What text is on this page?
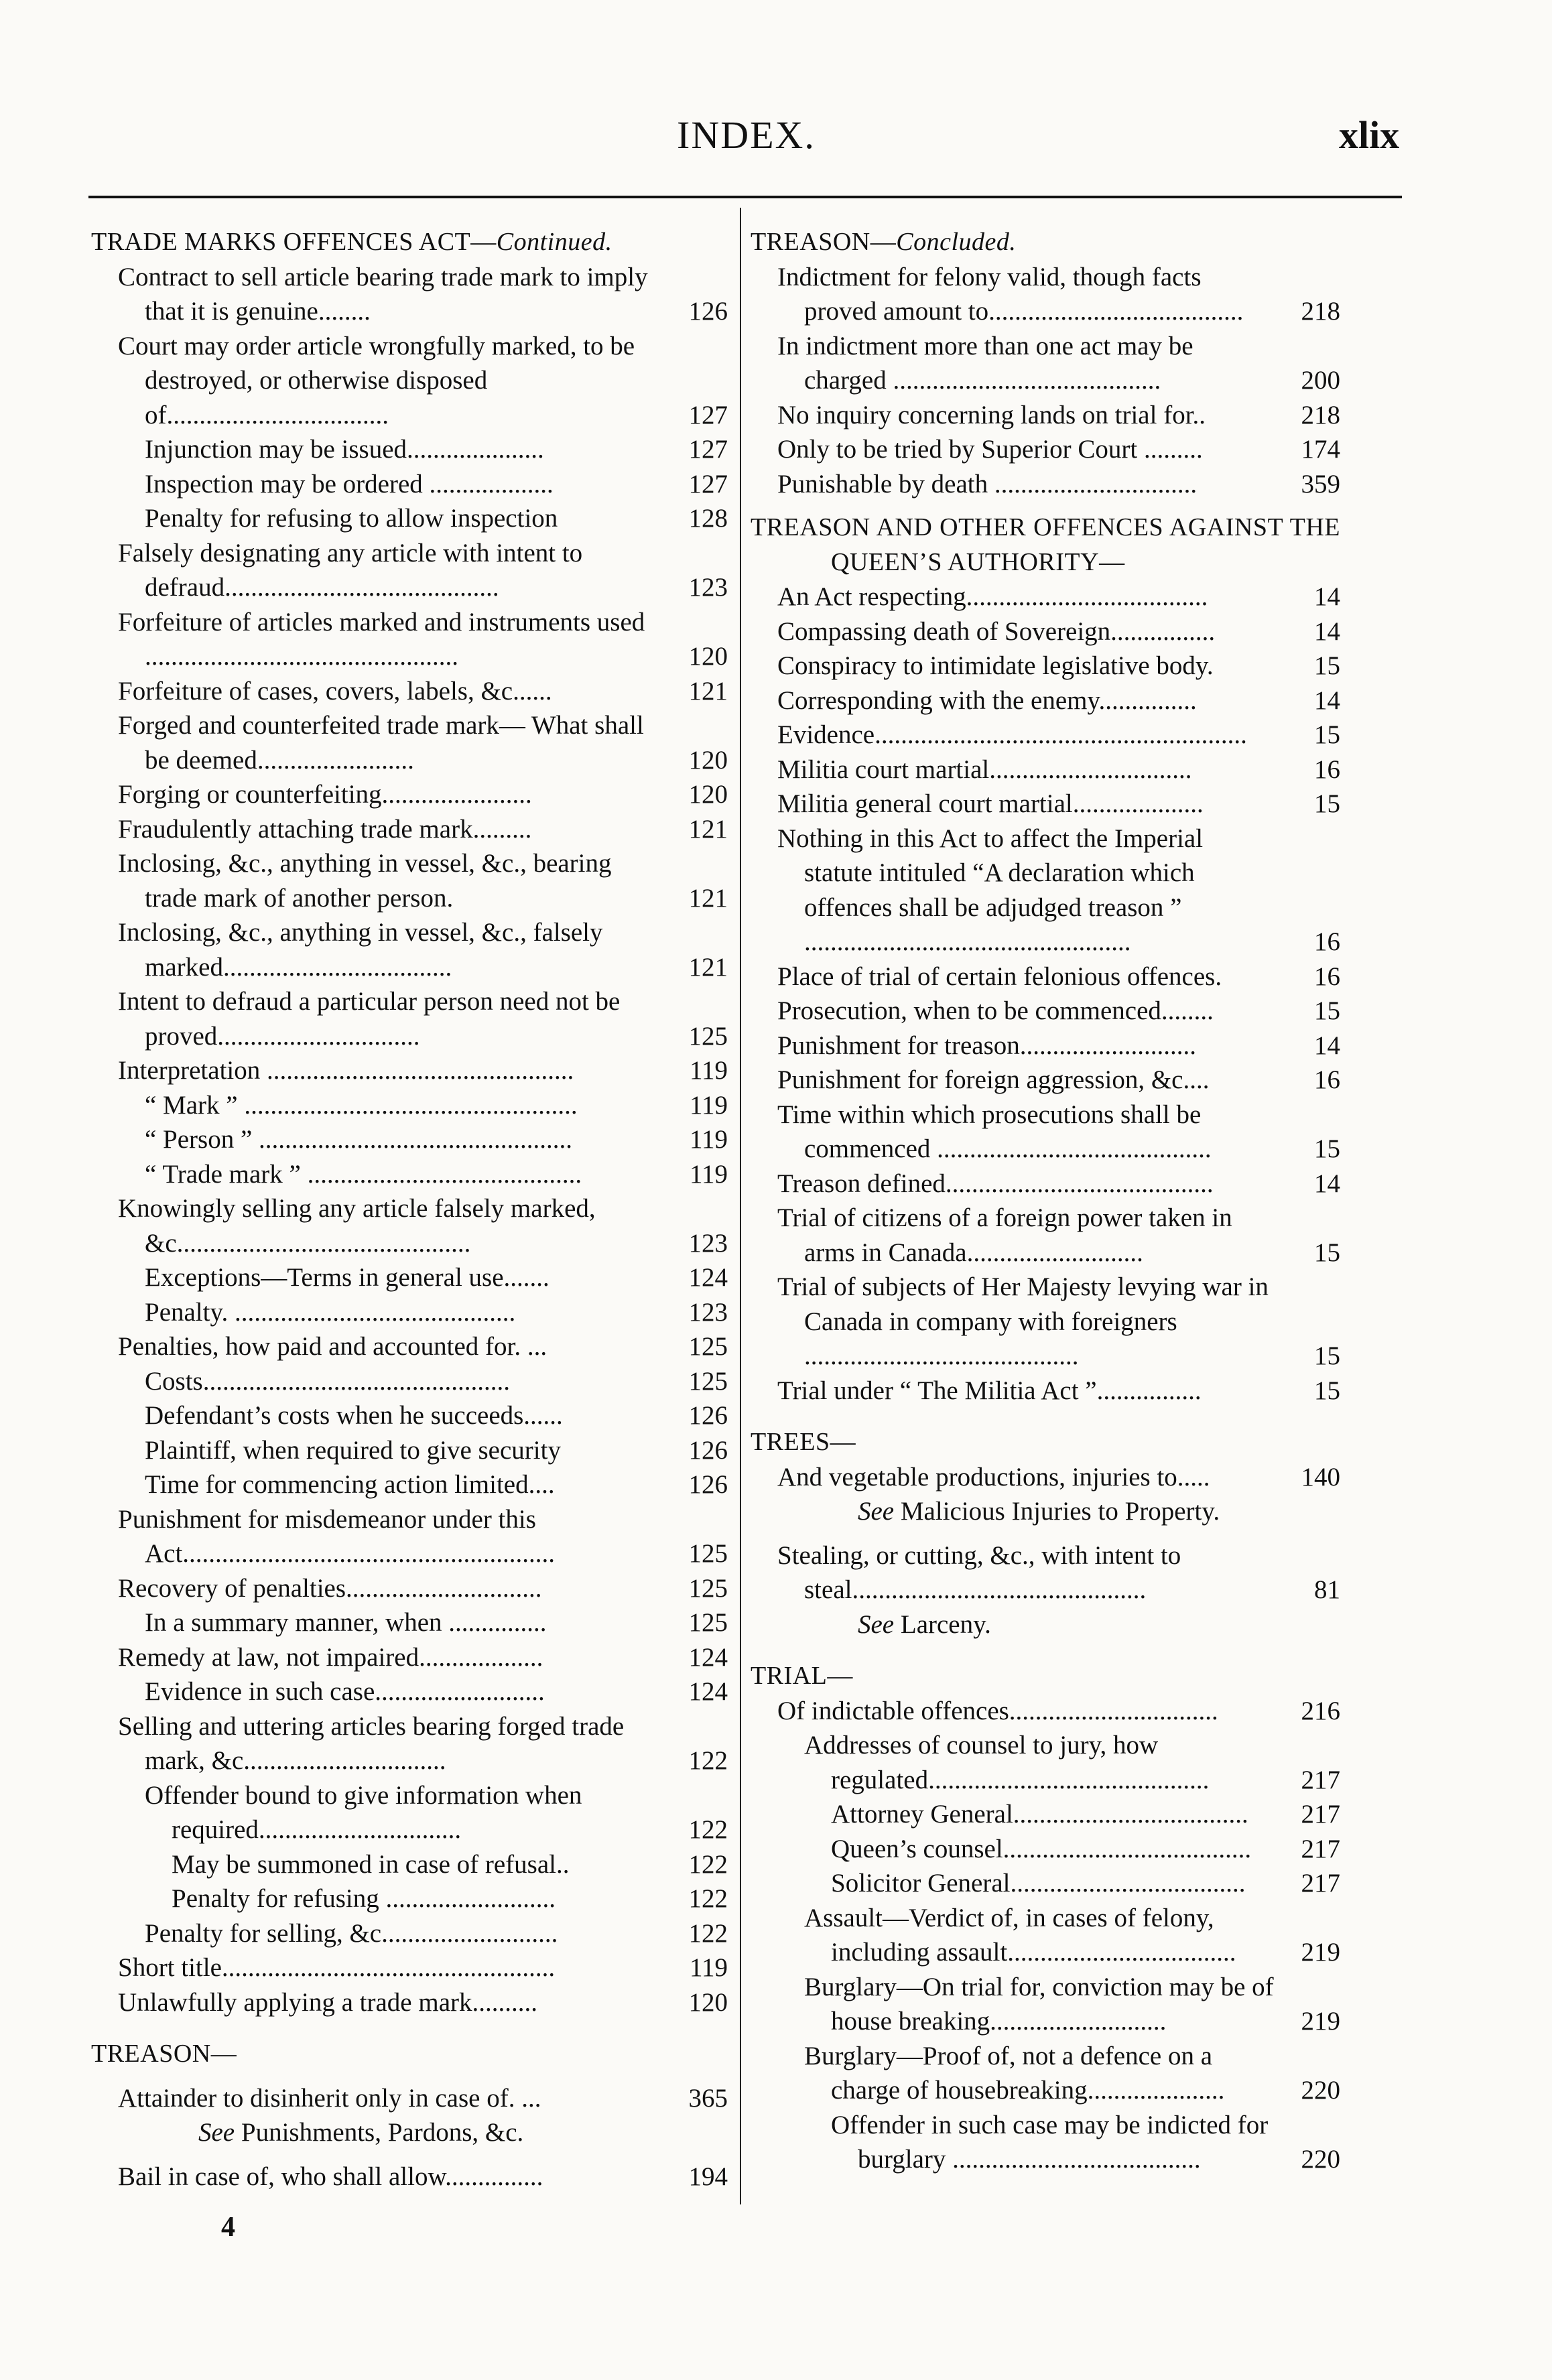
INDEX.	xlix
TRADE MARKS OFFENCES ACT—Continued.
Contract to sell article bearing trade mark to imply that it is genuine........	126
Court may order article wrongfully marked, to be destroyed, or otherwise disposed of..................................	127
Injunction may be issued.....................	127
Inspection may be ordered ...................	127
Penalty for refusing to allow inspection	128
Falsely designating any article with intent to defraud..........................................	123
Forfeiture of articles marked and instruments used ................................................	120
Forfeiture of cases, covers, labels, &c......	121
Forged and counterfeited trade mark— What shall be deemed........................	120
Forging or counterfeiting.......................	120
Fraudulently attaching trade mark.........	121
Inclosing, &c., anything in vessel, &c., bearing trade mark of another person.	121
Inclosing, &c., anything in vessel, &c., falsely marked...................................	121
Intent to defraud a particular person need not be proved...............................	125
Interpretation ...............................................	119
“ Mark ” ...................................................	119
“ Person ” ................................................	119
“ Trade mark ” ..........................................	119
Knowingly selling any article falsely marked, &c.............................................	123
Exceptions—Terms in general use.......	124
Penalty. ...........................................	123
Penalties, how paid and accounted for. ...	125
Costs...............................................	125
Defendant’s costs when he succeeds......	126
Plaintiff, when required to give security	126
Time for commencing action limited....	126
Punishment for misdemeanor under this Act.........................................................	125
Recovery of penalties..............................	125
In a summary manner, when ...............	125
Remedy at law, not impaired...................	124
Evidence in such case..........................	124
Selling and uttering articles bearing forged trade mark, &c...............................	122
Offender bound to give information when required...............................	122
May be summoned in case of refusal..	122
Penalty for refusing ..........................	122
Penalty for selling, &c...........................	122
Short title...................................................	119
Unlawfully applying a trade mark..........	120
TREASON—
Attainder to disinherit only in case of. ...	365
See Punishments, Pardons, &c.
Bail in case of, who shall allow...............	194
4
TREASON—Concluded.
Indictment for felony valid, though facts proved amount to.......................................	218
In indictment more than one act may be charged .........................................	200
No inquiry concerning lands on trial for..	218
Only to be tried by Superior Court .........	174
Punishable by death ...............................	359
TREASON AND OTHER OFFENCES AGAINST THE QUEEN’S AUTHORITY—
An Act respecting.....................................	14
Compassing death of Sovereign................	14
Conspiracy to intimidate legislative body.	15
Corresponding with the enemy...............	14
Evidence.........................................................	15
Militia court martial...............................	16
Militia general court martial....................	15
Nothing in this Act to affect the Imperial statute intituled “A declaration which offences shall be adjudged treason ” ..................................................	16
Place of trial of certain felonious offences.	16
Prosecution, when to be commenced........	15
Punishment for treason...........................	14
Punishment for foreign aggression, &c....	16
Time within which prosecutions shall be commenced ..........................................	15
Treason defined.........................................	14
Trial of citizens of a foreign power taken in arms in Canada...........................	15
Trial of subjects of Her Majesty levying war in Canada in company with foreigners ..........................................	15
Trial under “ The Militia Act ”................	15
TREES—
And vegetable productions, injuries to.....	140
See Malicious Injuries to Property.
Stealing, or cutting, &c., with intent to steal.............................................	81
See Larceny.
TRIAL—
Of indictable offences................................	216
Addresses of counsel to jury, how regulated...........................................	217
Attorney General....................................	217
Queen’s counsel......................................	217
Solicitor General....................................	217
Assault—Verdict of, in cases of felony, including assault...................................	219
Burglary—On trial for, conviction may be of house breaking...........................	219
Burglary—Proof of, not a defence on a charge of housebreaking.....................	220
Offender in such case may be indicted for burglary ......................................	220
